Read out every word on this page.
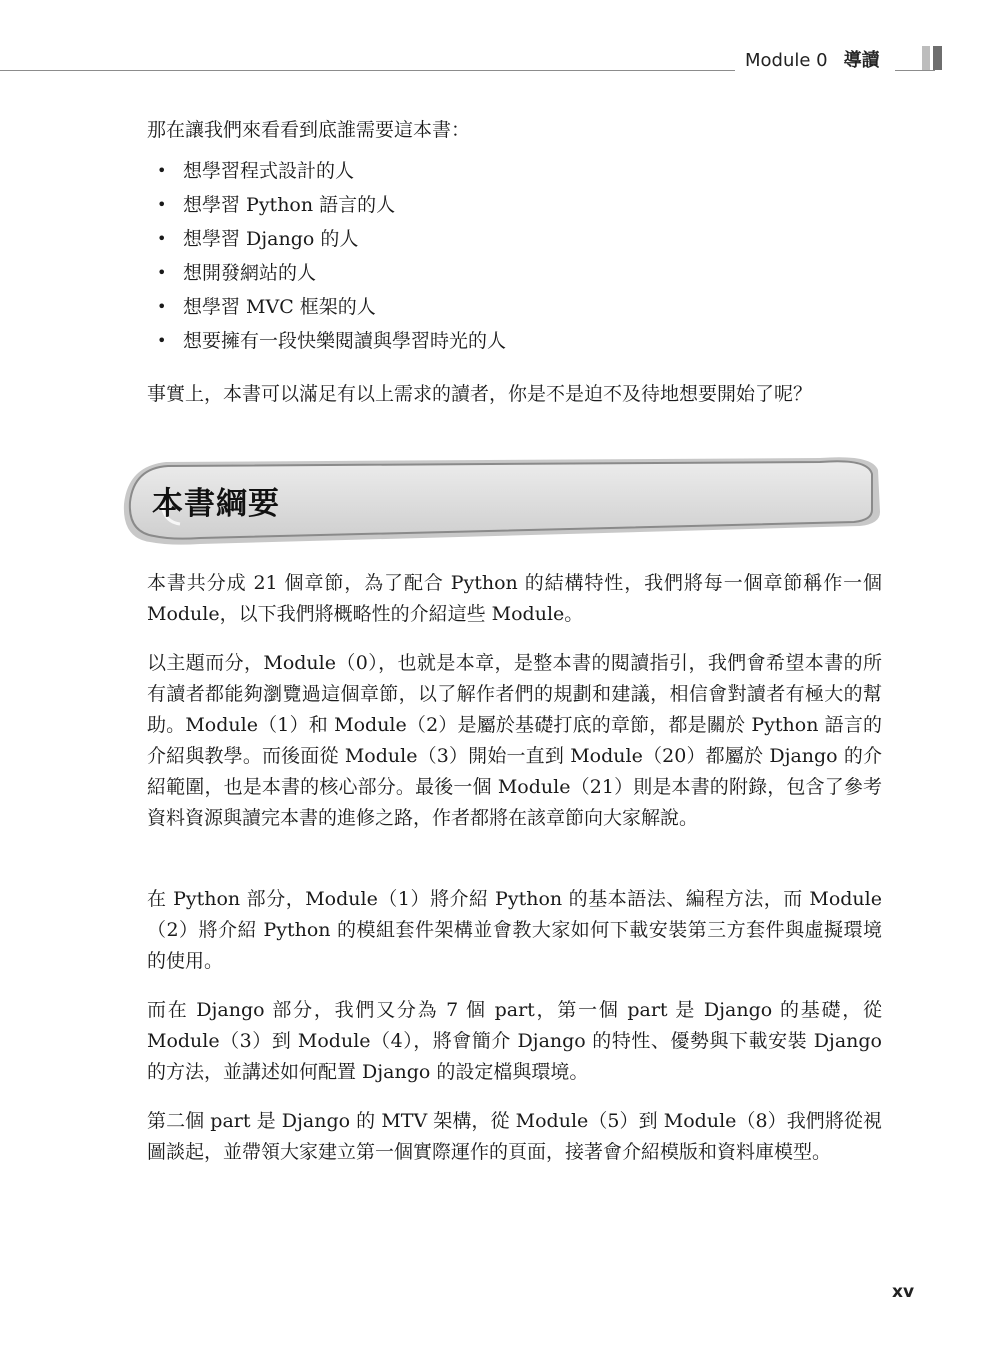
Module 0 導讀

那在讓我們來看看到底誰需要這本書：

• 想學習程式設計的人
• 想學習 Python 語言的人
• 想學習 Django 的人
• 想開發網站的人
• 想學習 MVC 框架的人
• 想要擁有一段快樂閱讀與學習時光的人

事實上，本書可以滿足有以上需求的讀者，你是不是迫不及待地想要開始了呢？

本書綱要

本書共分成 21 個章節，為了配合 Python 的結構特性，我們將每一個章節稱作一個 Module，以下我們將概略性的介紹這些 Module。

以主題而分，Module（0），也就是本章，是整本書的閱讀指引，我們會希望本書的所有讀者都能夠瀏覽過這個章節，以了解作者們的規劃和建議，相信會對讀者有極大的幫助。Module（1）和 Module（2）是屬於基礎打底的章節，都是關於 Python 語言的介紹與教學。而後面從 Module（3）開始一直到 Module（20）都屬於 Django 的介紹範圍，也是本書的核心部分。最後一個 Module（21）則是本書的附錄，包含了參考資料資源與讀完本書的進修之路，作者都將在該章節向大家解說。

在 Python 部分，Module（1）將介紹 Python 的基本語法、編程方法，而 Module（2）將介紹 Python 的模組套件架構並會教大家如何下載安裝第三方套件與虛擬環境的使用。

而在 Django 部分，我們又分為 7 個 part，第一個 part 是 Django 的基礎，從 Module（3）到 Module（4），將會簡介 Django 的特性、優勢與下載安裝 Django 的方法，並講述如何配置 Django 的設定檔與環境。

第二個 part 是 Django 的 MTV 架構，從 Module（5）到 Module（8）我們將從視圖談起，並帶領大家建立第一個實際運作的頁面，接著會介紹模版和資料庫模型。

xv
